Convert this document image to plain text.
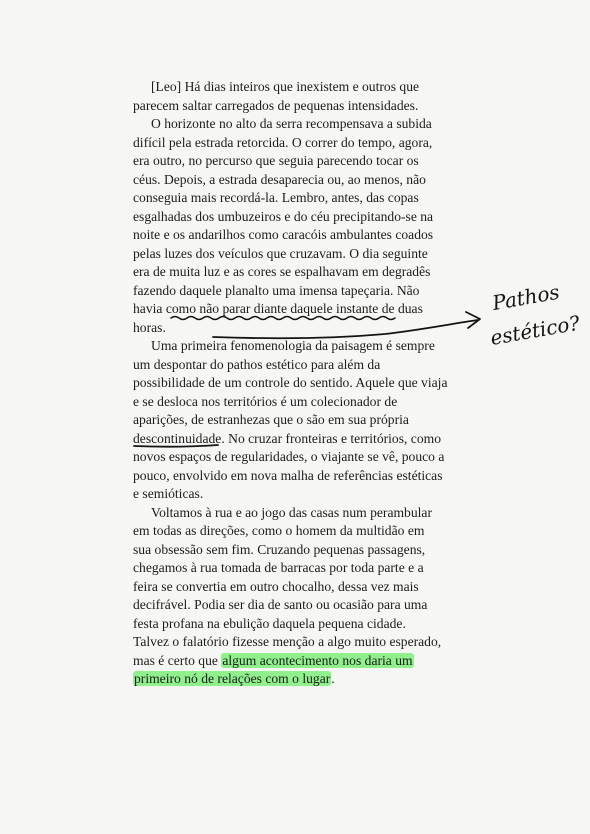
[Leo] Há dias inteiros que inexistem e outros que
parecem saltar carregados de pequenas intensidades.
O horizonte no alto da serra recompensava a subida
difícil pela estrada retorcida. O correr do tempo, agora,
era outro, no percurso que seguia parecendo tocar os
céus. Depois, a estrada desaparecia ou, ao menos, não
conseguia mais recordá-la. Lembro, antes, das copas
esgalhadas dos umbuzeiros e do céu precipitando-se na
noite e os andarilhos como caracóis ambulantes coados
pelas luzes dos veículos que cruzavam. O dia seguinte
era de muita luz e as cores se espalhavam em degradês
fazendo daquele planalto uma imensa tapeçaria. Não
havia como não parar diante daquele instante de duas
horas.
Uma primeira fenomenologia da paisagem é sempre
um despontar do pathos estético para além da
possibilidade de um controle do sentido. Aquele que viaja
e se desloca nos territórios é um colecionador de
aparições, de estranhezas que o são em sua própria
descontinuidade. No cruzar fronteiras e territórios, como
novos espaços de regularidades, o viajante se vê, pouco a
pouco, envolvido em nova malha de referências estéticas
e semióticas.
Voltamos à rua e ao jogo das casas num perambular
em todas as direções, como o homem da multidão em
sua obsessão sem fim. Cruzando pequenas passagens,
chegamos à rua tomada de barracas por toda parte e a
feira se convertia em outro chocalho, dessa vez mais
decifrável. Podia ser dia de santo ou ocasião para uma
festa profana na ebulição daquela pequena cidade.
Talvez o falatório fizesse menção a algo muito esperado,
mas é certo que algum acontecimento nos daria um
primeiro nó de relações com o lugar.
Pathos
estético?
